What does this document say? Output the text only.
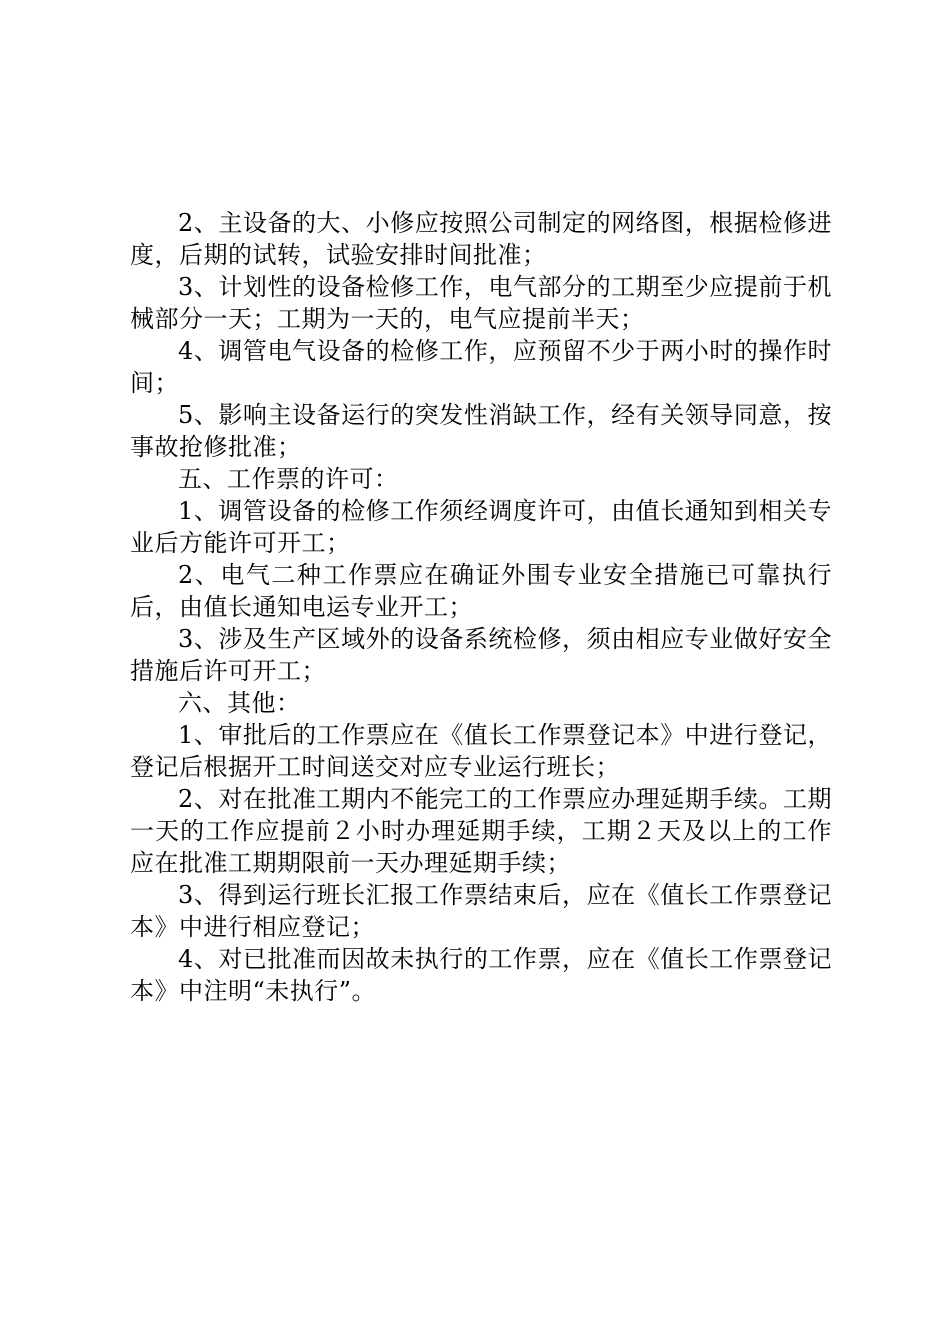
2、主设备的大、小修应按照公司制定的网络图，根据检修进度，后期的试转，试验安排时间批准；

3、计划性的设备检修工作，电气部分的工期至少应提前于机械部分一天；工期为一天的，电气应提前半天；

4、调管电气设备的检修工作，应预留不少于两小时的操作时间；

5、影响主设备运行的突发性消缺工作，经有关领导同意，按事故抢修批准；

五、工作票的许可：

1、调管设备的检修工作须经调度许可，由值长通知到相关专业后方能许可开工；

2、电气二种工作票应在确证外围专业安全措施已可靠执行后，由值长通知电运专业开工；

3、涉及生产区域外的设备系统检修，须由相应专业做好安全措施后许可开工；

六、其他：

1、审批后的工作票应在《值长工作票登记本》中进行登记，登记后根据开工时间送交对应专业运行班长；

2、对在批准工期内不能完工的工作票应办理延期手续。工期一天的工作应提前２小时办理延期手续，工期２天及以上的工作应在批准工期期限前一天办理延期手续；

3、得到运行班长汇报工作票结束后，应在《值长工作票登记本》中进行相应登记；

4、对已批准而因故未执行的工作票，应在《值长工作票登记本》中注明“未执行”。
